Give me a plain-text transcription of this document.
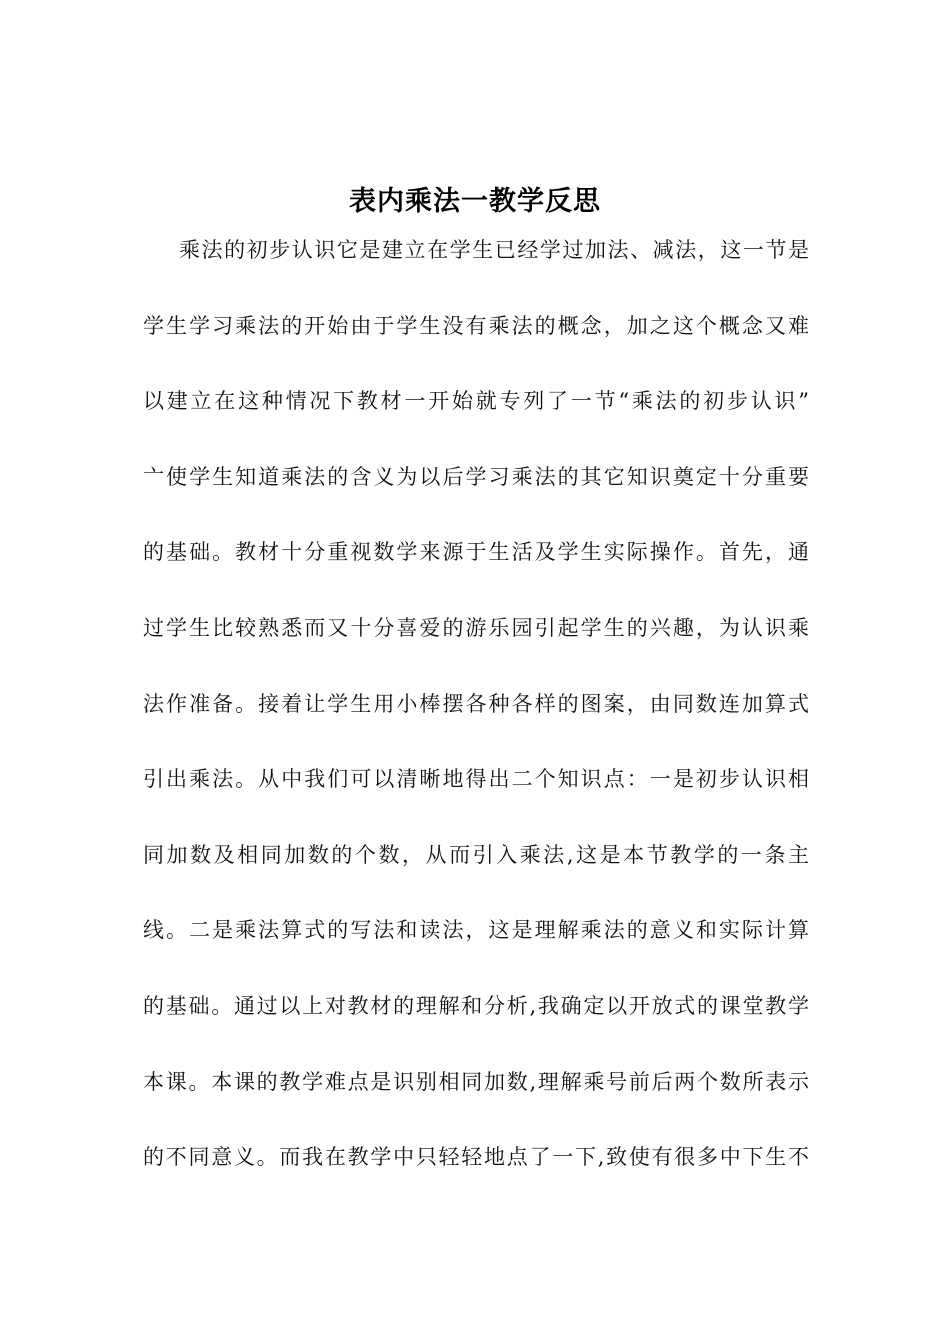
表内乘法一教学反思
乘法的初步认识它是建立在学生已经学过加法、减法，这一节是
学生学习乘法的开始由于学生没有乘法的概念，加之这个概念又难
以建立在这种情况下教材一开始就专列了一节“乘法的初步认识”
亠使学生知道乘法的含义为以后学习乘法的其它知识奠定十分重要
的基础。教材十分重视数学来源于生活及学生实际操作。首先，通
过学生比较熟悉而又十分喜爱的游乐园引起学生的兴趣，为认识乘
法作准备。接着让学生用小棒摆各种各样的图案，由同数连加算式
引出乘法。从中我们可以清晰地得出二个知识点：一是初步认识相
同加数及相同加数的个数，从而引入乘法,这是本节教学的一条主
线。二是乘法算式的写法和读法，这是理解乘法的意义和实际计算
的基础。通过以上对教材的理解和分析,我确定以开放式的课堂教学
本课。本课的教学难点是识别相同加数,理解乘号前后两个数所表示
的不同意义。而我在教学中只轻轻地点了一下,致使有很多中下生不
